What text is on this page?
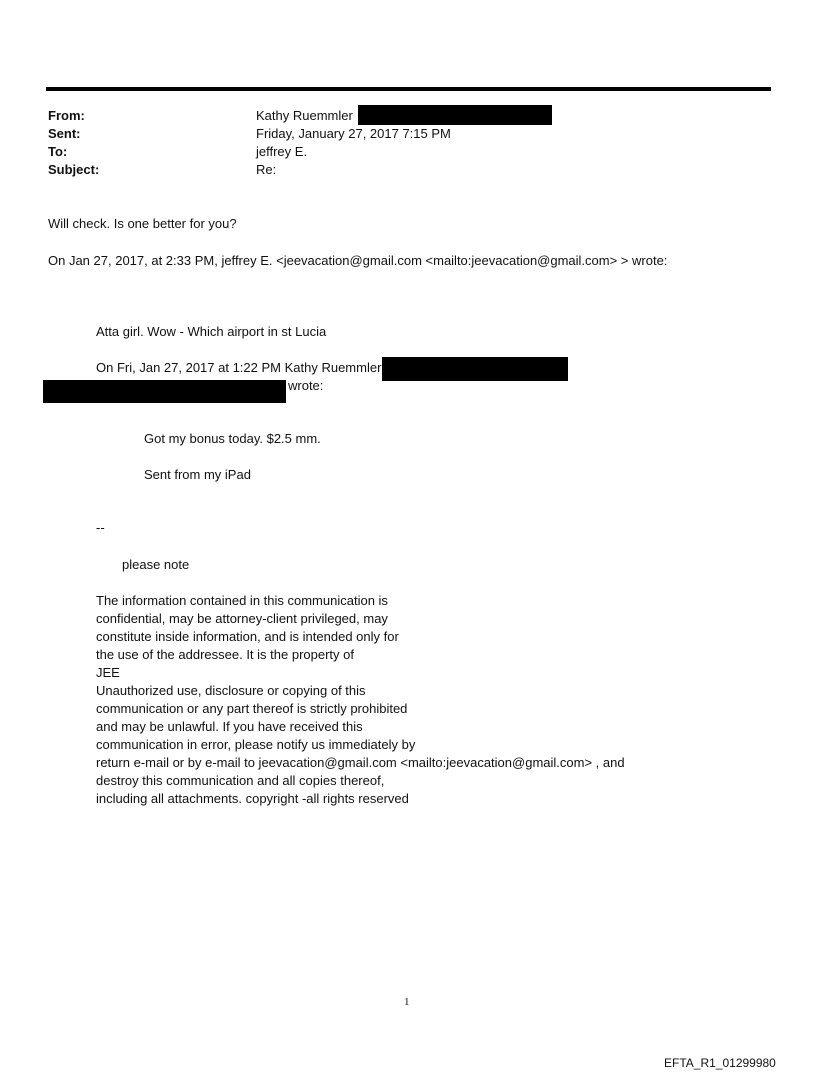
From:	Kathy Ruemmler
Sent:	Friday, January 27, 2017 7:15 PM
To:	jeffrey E.
Subject:	Re:
Will check. Is one better for you?
On Jan 27, 2017, at 2:33 PM, jeffrey E. <jeevacation@gmail.com <mailto:jeevacation@gmail.com> > wrote:
Atta girl. Wow - Which airport in st Lucia
On Fri, Jan 27, 2017 at 1:22 PM Kathy Ruemmler
wrote:
Got my bonus today. $2.5 mm.
Sent from my iPad
--
please note
The information contained in this communication is
confidential, may be attorney-client privileged, may
constitute inside information, and is intended only for
the use of the addressee. It is the property of
JEE
Unauthorized use, disclosure or copying of this
communication or any part thereof is strictly prohibited
and may be unlawful. If you have received this
communication in error, please notify us immediately by
return e-mail or by e-mail to jeevacation@gmail.com <mailto:jeevacation@gmail.com> , and
destroy this communication and all copies thereof,
including all attachments. copyright -all rights reserved
1
EFTA_R1_01299980
